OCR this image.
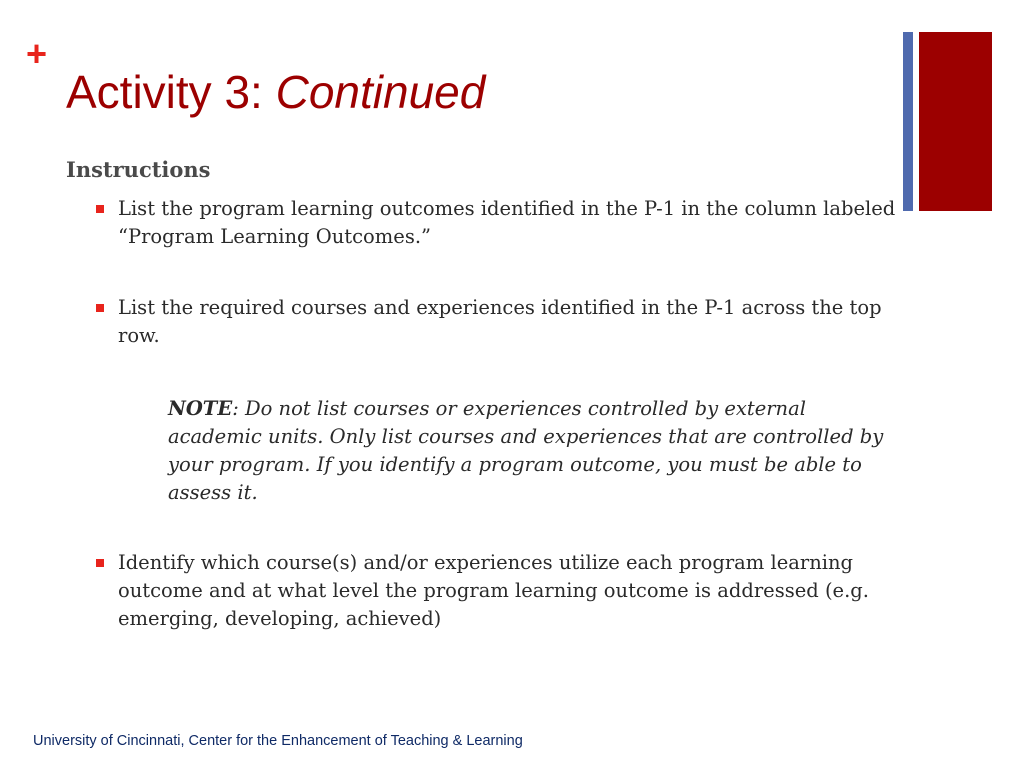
+
Activity 3: Continued
Instructions
List the program learning outcomes identified in the P-1 in the column labeled “Program Learning Outcomes.”
List the required courses and experiences identified in the P-1 across the top row.
NOTE: Do not list courses or experiences controlled by external academic units. Only list courses and experiences that are controlled by your program. If you identify a program outcome, you must be able to assess it.
Identify which course(s) and/or experiences utilize each program learning outcome and at what level the program learning outcome is addressed (e.g. emerging, developing, achieved)
University of Cincinnati, Center for the Enhancement of Teaching & Learning
